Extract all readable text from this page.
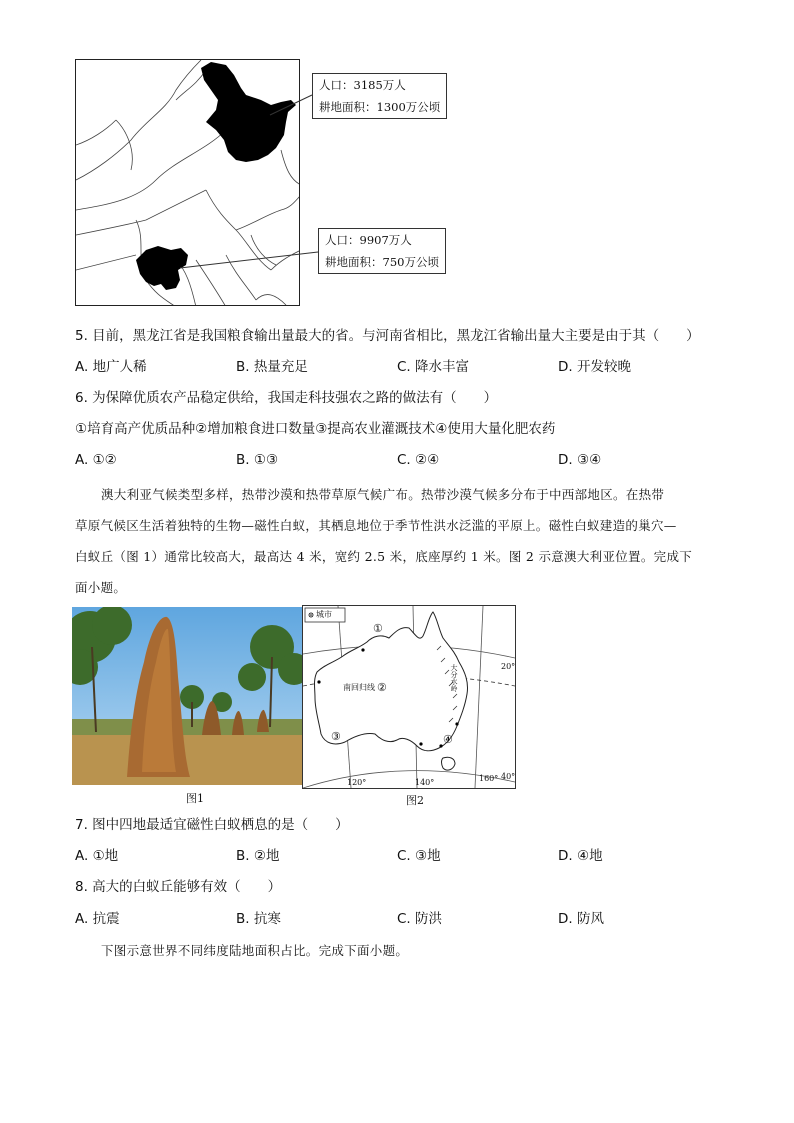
人口：3185万人
耕地面积：1300万公顷
人口：9907万人
耕地面积：750万公顷
5. 目前，黑龙江省是我国粮食输出量最大的省。与河南省相比，黑龙江省输出量大主要是由于其（　　）
A. 地广人稀	B. 热量充足	C. 降水丰富	D. 开发较晚
6. 为保障优质农产品稳定供给，我国走科技强农之路的做法有（　　）
①培育高产优质品种②增加粮食进口数量③提高农业灌溉技术④使用大量化肥农药
A. ①②	B. ①③	C. ②④	D. ③④
澳大利亚气候类型多样，热带沙漠和热带草原气候广布。热带沙漠气候多分布于中西部地区。在热带
草原气候区生活着独特的生物—磁性白蚁，其栖息地位于季节性洪水泛滥的平原上。磁性白蚁建造的巢穴—
白蚁丘（图 1）通常比较高大，最高达 4 米，宽约 2.5 米，底座厚约 1 米。图 2 示意澳大利亚位置。完成下
面小题。
图1
城市
南回归线
①
②
③	④
大分水岭	20°
40°
120°	140°	160°
图2
7. 图中四地最适宜磁性白蚁栖息的是（　　）
A. ①地	B. ②地	C. ③地	D. ④地
8. 高大的白蚁丘能够有效（　　）
A. 抗震	B. 抗寒	C. 防洪	D. 防风
下图示意世界不同纬度陆地面积占比。完成下面小题。
